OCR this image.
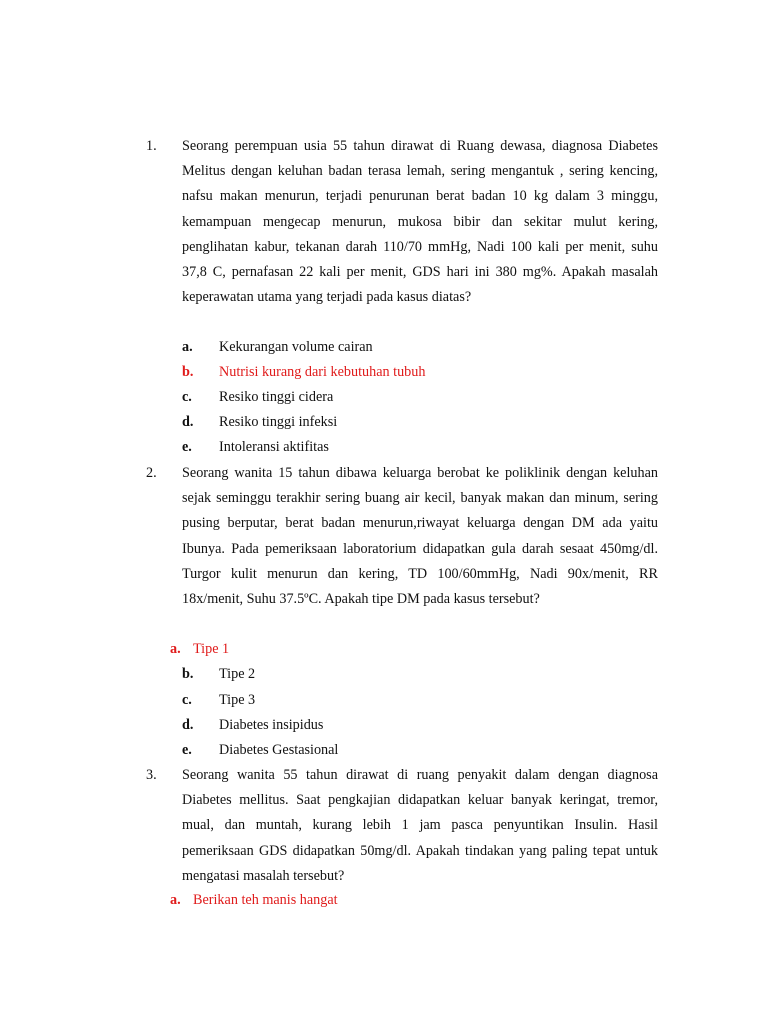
1. Seorang perempuan usia 55 tahun dirawat di Ruang dewasa, diagnosa Diabetes Melitus dengan keluhan badan terasa lemah, sering mengantuk , sering kencing, nafsu makan menurun, terjadi penurunan berat badan 10 kg dalam 3 minggu, kemampuan mengecap menurun, mukosa bibir dan sekitar mulut kering, penglihatan kabur, tekanan darah 110/70 mmHg, Nadi 100 kali per menit, suhu 37,8 C, pernafasan 22 kali per menit, GDS hari ini 380 mg%. Apakah masalah keperawatan utama yang terjadi pada kasus diatas?
a. Kekurangan volume cairan
b. Nutrisi kurang dari kebutuhan tubuh
c. Resiko tinggi cidera
d. Resiko tinggi infeksi
e. Intoleransi aktifitas
2. Seorang wanita 15 tahun dibawa keluarga berobat ke poliklinik dengan keluhan sejak seminggu terakhir sering buang air kecil, banyak makan dan minum, sering pusing berputar, berat badan menurun,riwayat keluarga dengan DM ada yaitu Ibunya. Pada pemeriksaan laboratorium didapatkan gula darah sesaat 450mg/dl. Turgor kulit menurun dan kering, TD 100/60mmHg, Nadi 90x/menit, RR 18x/menit, Suhu 37.5ºC. Apakah tipe DM pada kasus tersebut?
a. Tipe 1
b. Tipe 2
c. Tipe 3
d. Diabetes insipidus
e. Diabetes Gestasional
3. Seorang wanita 55 tahun dirawat di ruang penyakit dalam dengan diagnosa Diabetes mellitus. Saat pengkajian didapatkan keluar banyak keringat, tremor, mual, dan muntah, kurang lebih 1 jam pasca penyuntikan Insulin. Hasil pemeriksaan GDS didapatkan 50mg/dl. Apakah tindakan yang paling tepat untuk mengatasi masalah tersebut?
a. Berikan teh manis hangat
